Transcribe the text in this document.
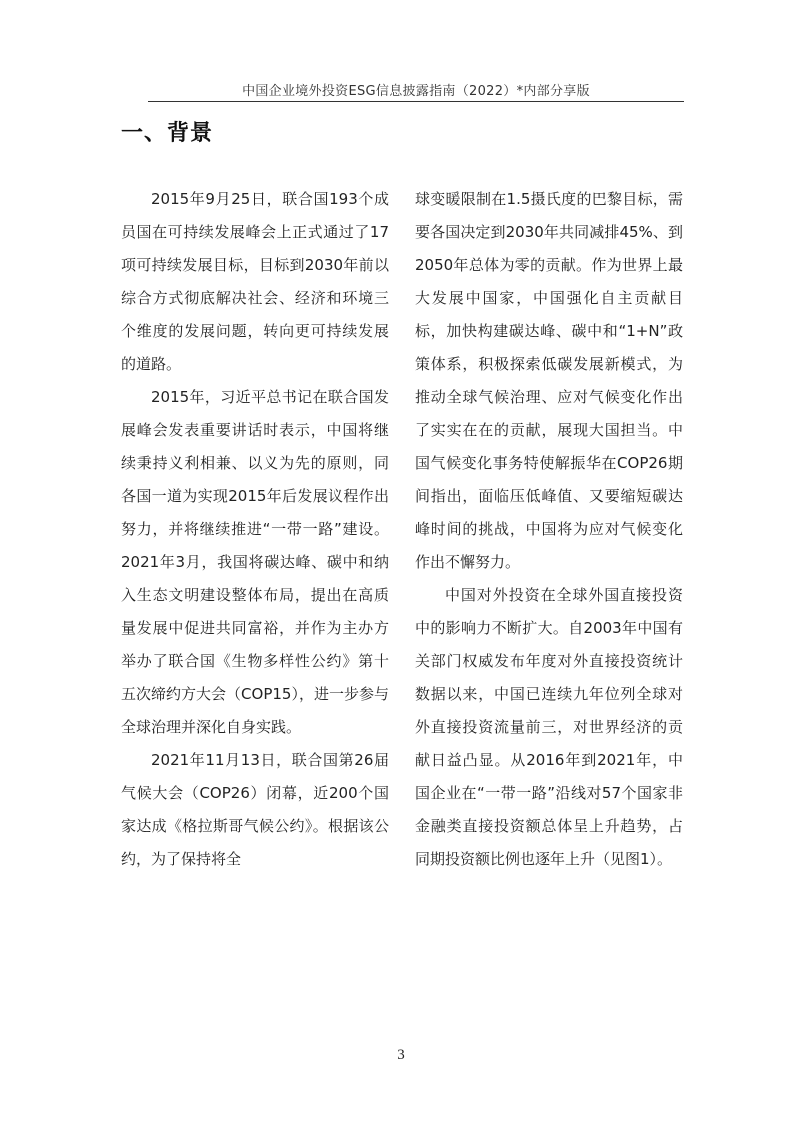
中国企业境外投资ESG信息披露指南（2022）*内部分享版
一、背景

2015年9月25日，联合国193个成员国在可持续发展峰会上正式通过了17项可持续发展目标，目标到2030年前以综合方式彻底解决社会、经济和环境三个维度的发展问题，转向更可持续发展的道路。

2015年，习近平总书记在联合国发展峰会发表重要讲话时表示，中国将继续秉持义利相兼、以义为先的原则，同各国一道为实现2015年后发展议程作出努力，并将继续推进“一带一路”建设。 2021年3月，我国将碳达峰、碳中和纳入生态文明建设整体布局，提出在高质量发展中促进共同富裕，并作为主办方举办了联合国《生物多样性公约》第十五次缔约方大会（COP15），进一步参与全球治理并深化自身实践。

2021年11月13日，联合国第26届气候大会（COP26）闭幕，近200个国家达成《格拉斯哥气候公约》。根据该公约，为了保持将全

球变暖限制在1.5摄氏度的巴黎目标，需要各国决定到2030年共同减排45%、到2050年总体为零的贡献。作为世界上最大发展中国家，中国强化自主贡献目标，加快构建碳达峰、碳中和“1+N”政策体系，积极探索低碳发展新模式，为推动全球气候治理、应对气候变化作出了实实在在的贡献，展现大国担当。中国气候变化事务特使解振华在COP26期间指出，面临压低峰值、又要缩短碳达峰时间的挑战，中国将为应对气候变化作出不懈努力。

中国对外投资在全球外国直接投资中的影响力不断扩大。自2003年中国有关部门权威发布年度对外直接投资统计数据以来，中国已连续九年位列全球对外直接投资流量前三，对世界经济的贡献日益凸显。从2016年到2021年，中国企业在“一带一路”沿线对57个国家非金融类直接投资额总体呈上升趋势，占同期投资额比例也逐年上升（见图1）。

3
